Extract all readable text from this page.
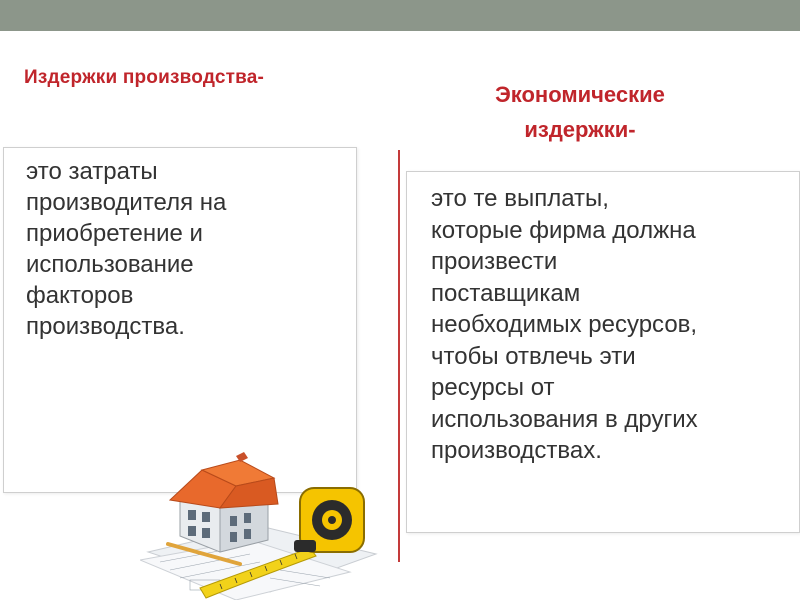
Издержки производства-
Экономические издержки-
это затраты
производителя на
приобретение и
использование
факторов
производства.
это те выплаты,
которые фирма должна
произвести
поставщикам
необходимых ресурсов,
чтобы отвлечь эти
ресурсы от
использования в других
производствах.
